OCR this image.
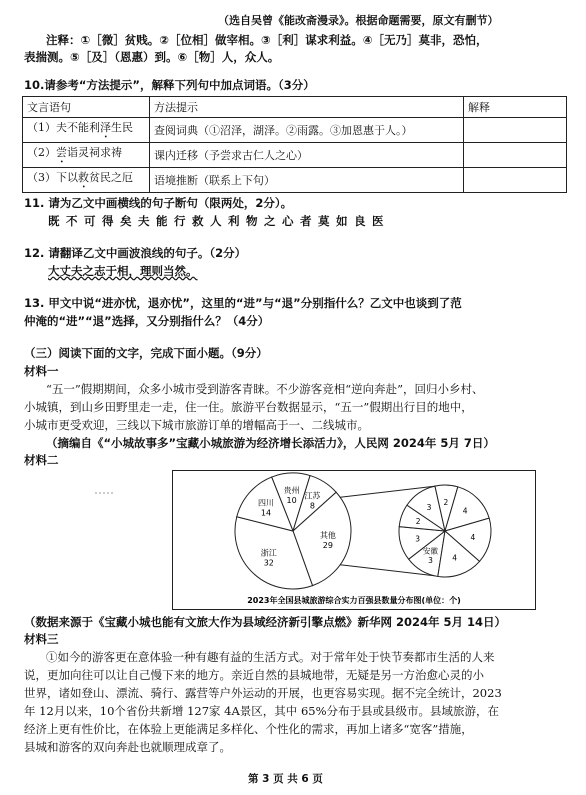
（选自吴曾《能改斋漫录》。根据命题需要，原文有删节）
注释：①［微］贫贱。②［位相］做宰相。③［利］谋求利益。④［无乃］莫非，恐怕，
表揣测。⑤［及］（恩惠）到。⑥［物］人，众人。
10.请参考“方法提示”，解释下列句中加点词语。（3分）
文言语句	方法提示	解释
（1）夫不能利泽生民	查阅词典（①沼泽，湖泽。②雨露。③加恩惠于人。）	
（2）尝诣灵祠求祷	课内迁移（予尝求古仁人之心）	
（3）下以救贫民之厄	语境推断（联系上下句）	
11. 请为乙文中画横线的句子断句（限两处，2分）。
既不可得矣夫能行救人利物之心者莫如良医
12. 请翻译乙文中画波浪线的句子。（2分）
大丈夫之志于相，理则当然。
13. 甲文中说“进亦忧，退亦忧”，这里的“进”与“退”分别指什么？乙文中也谈到了范
仲淹的“进”“退”选择，又分别指什么？（4分）
（三）阅读下面的文字，完成下面小题。（9分）
材料一
“五一”假期期间，众多小城市受到游客青睐。不少游客竞相“逆向奔赴”，回归小乡村、
小城镇，到山乡田野里走一走，住一住。旅游平台数据显示，“五一”假期出行目的地中，
小城市更受欢迎，三线以下城市旅游订单的增幅高于一、二线城市。
（摘编自《“小城故事多”宝藏小城旅游为经济增长添活力》，人民网 2024年 5月 7日）
材料二
贵州
10 江苏
8
其他
29
浙江
32
四川
14
安徽
3
3
2
3
2
4
4
4
2023年全国县城旅游综合实力百强县数量分布图(单位：个)
（数据来源于《宝藏小城也能有文旅大作为县域经济新引擎点燃》新华网 2024年 5月 14日）
材料三
①如今的游客更在意体验一种有趣有益的生活方式。对于常年处于快节奏都市生活的人来
说，更加向往可以让自己慢下来的地方。亲近自然的县城地带，无疑是另一方治愈心灵的小
世界，诸如登山、漂流、骑行、露营等户外运动的开展，也更容易实现。据不完全统计，2023
年 12月以来，10个省份共新增 127家 4A景区，其中 65%分布于县或县级市。县域旅游，在
经济上更有性价比，在体验上更能满足多样化、个性化的需求，再加上诸多“宽客”措施，
县城和游客的双向奔赴也就顺理成章了。
第 3 页 共 6 页
